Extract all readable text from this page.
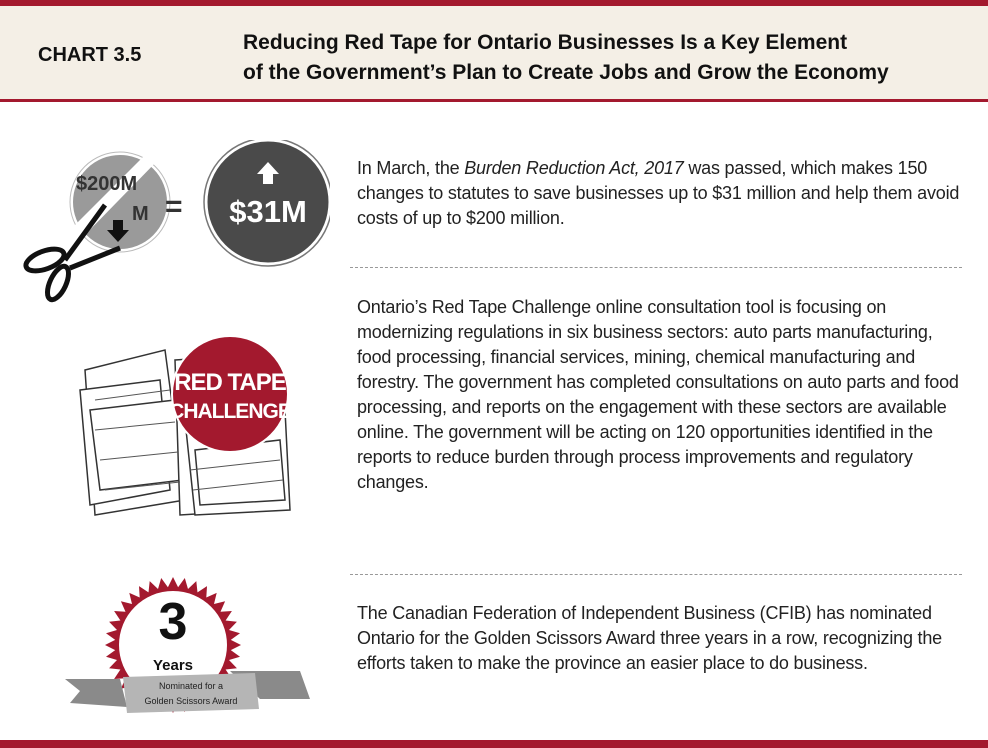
CHART 3.5
Reducing Red Tape for Ontario Businesses Is a Key Element
of the Government’s Plan to Create Jobs and Grow the Economy
$200M
M = $31M
In March, the Burden Reduction Act, 2017 was passed, which makes 150 changes to statutes to save businesses up to $31 million and help them avoid costs of up to $200 million.
RED TAPE
CHALLENGE
Ontario’s Red Tape Challenge online consultation tool is focusing on modernizing regulations in six business sectors: auto parts manufacturing, food processing, financial services, mining, chemical manufacturing and forestry. The government has completed consultations on auto parts and food processing, and reports on the engagement with these sectors are available online. The government will be acting on 120 opportunities identified in the reports to reduce burden through process improvements and regulatory changes.
3
Years
Nominated for a
Golden Scissors Award
The Canadian Federation of Independent Business (CFIB) has nominated Ontario for the Golden Scissors Award three years in a row, recognizing the efforts taken to make the province an easier place to do business.
